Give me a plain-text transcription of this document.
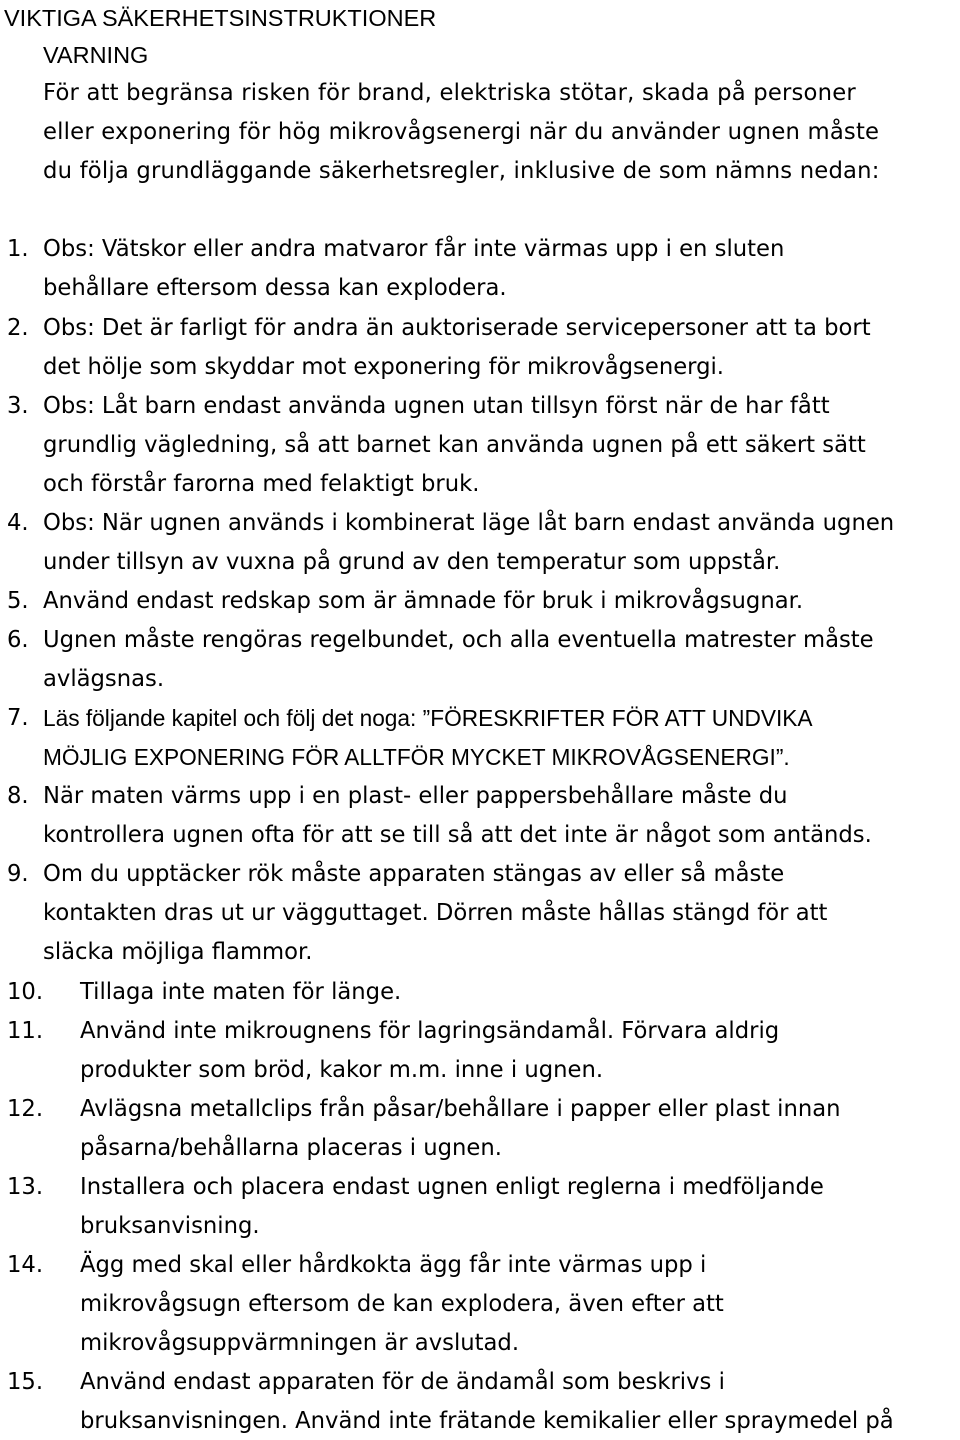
VIKTIGA SÄKERHETSINSTRUKTIONER
VARNING

För att begränsa risken för brand, elektriska stötar, skada på personer
eller exponering för hög mikrovågsenergi när du använder ugnen måste
du följa grundläggande säkerhetsregler, inklusive de som nämns nedan:

1. Obs: Vätskor eller andra matvaror får inte värmas upp i en sluten
behållare eftersom dessa kan explodera.
2. Obs: Det är farligt för andra än auktoriserade servicepersoner att ta bort
det hölje som skyddar mot exponering för mikrovågsenergi.
3. Obs: Låt barn endast använda ugnen utan tillsyn först när de har fått
grundlig vägledning, så att barnet kan använda ugnen på ett säkert sätt
och förstår farorna med felaktigt bruk.
4. Obs: När ugnen används i kombinerat läge låt barn endast använda ugnen
under tillsyn av vuxna på grund av den temperatur som uppstår.
5. Använd endast redskap som är ämnade för bruk i mikrovågsugnar.
6. Ugnen måste rengöras regelbundet, och alla eventuella matrester måste
avlägsnas.
7. Läs följande kapitel och följ det noga: ”FÖRESKRIFTER FÖR ATT UNDVIKA
MÖJLIG EXPONERING FÖR ALLTFÖR MYCKET MIKROVÅGSENERGI”.
8. När maten värms upp i en plast- eller pappersbehållare måste du
kontrollera ugnen ofta för att se till så att det inte är något som antänds.
9. Om du upptäcker rök måste apparaten stängas av eller så måste
kontakten dras ut ur vägguttaget. Dörren måste hållas stängd för att
släcka möjliga flammor.
10. Tillaga inte maten för länge.
11. Använd inte mikrougnens för lagringsändamål. Förvara aldrig
produkter som bröd, kakor m.m. inne i ugnen.
12. Avlägsna metallclips från påsar/behållare i papper eller plast innan
påsarna/behållarna placeras i ugnen.
13. Installera och placera endast ugnen enligt reglerna i medföljande
bruksanvisning.
14. Ägg med skal eller hårdkokta ägg får inte värmas upp i
mikrovågsugn eftersom de kan explodera, även efter att
mikrovågsuppvärmningen är avslutad.
15. Använd endast apparaten för de ändamål som beskrivs i
bruksanvisningen. Använd inte frätande kemikalier eller spraymedel på
